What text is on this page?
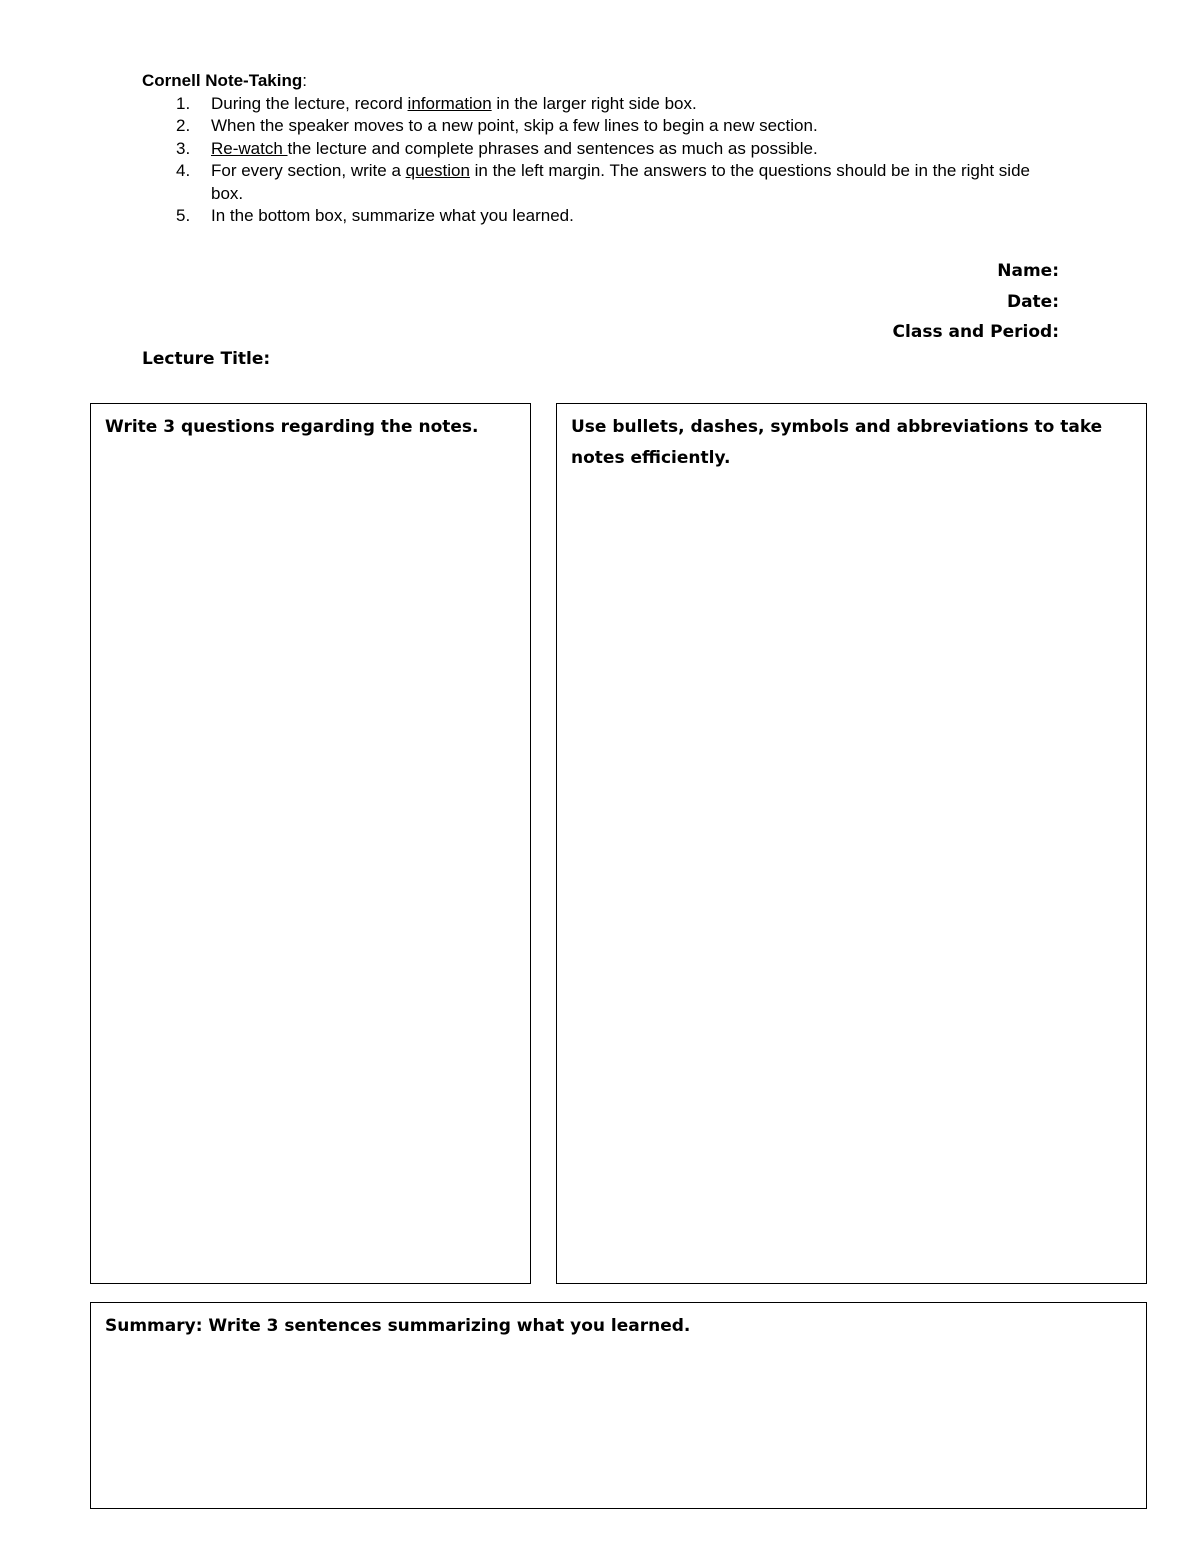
Cornell Note-Taking:
1. During the lecture, record information in the larger right side box.
2. When the speaker moves to a new point, skip a few lines to begin a new section.
3. Re-watch the lecture and complete phrases and sentences as much as possible.
4. For every section, write a question in the left margin. The answers to the questions should be in the right side box.
5. In the bottom box, summarize what you learned.
Name:
Date:
Class and Period:
Lecture Title:
Write 3 questions regarding the notes.	Use bullets, dashes, symbols and abbreviations to take notes efficiently.
Summary: Write 3 sentences summarizing what you learned.
